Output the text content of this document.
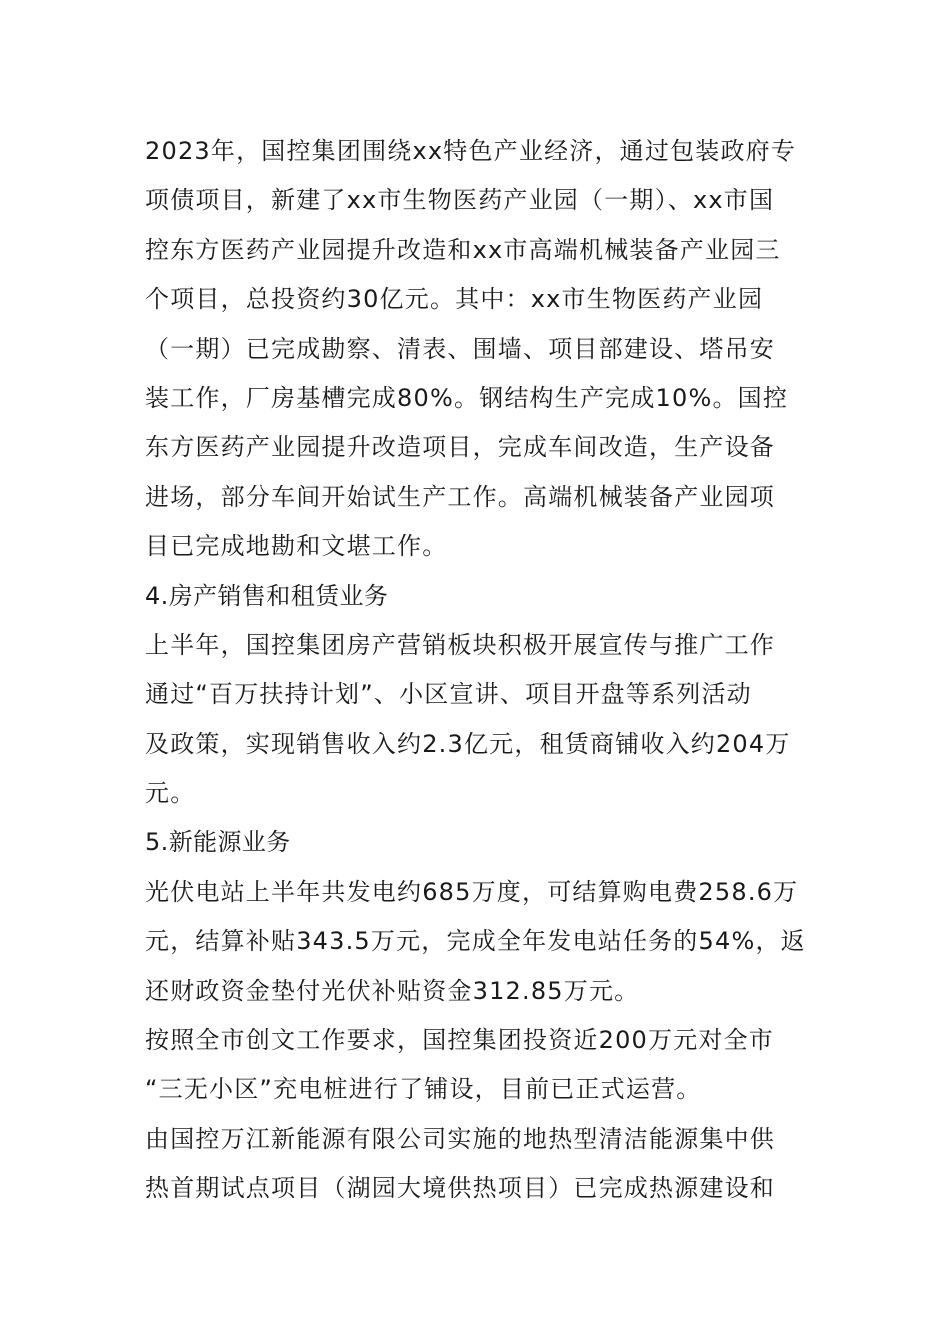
2023年，国控集团围绕xx特色产业经济，通过包装政府专
项债项目，新建了xx市生物医药产业园（一期）、xx市国
控东方医药产业园提升改造和xx市高端机械装备产业园三
个项目，总投资约30亿元。其中：xx市生物医药产业园
（一期）已完成勘察、清表、围墙、项目部建设、塔吊安
装工作，厂房基槽完成80%。钢结构生产完成10%。国控
东方医药产业园提升改造项目，完成车间改造，生产设备
进场，部分车间开始试生产工作。高端机械装备产业园项
目已完成地勘和文堪工作。
4.房产销售和租赁业务
上半年，国控集团房产营销板块积极开展宣传与推广工作
通过“百万扶持计划”、小区宣讲、项目开盘等系列活动
及政策，实现销售收入约2.3亿元，租赁商铺收入约204万
元。
5.新能源业务
光伏电站上半年共发电约685万度，可结算购电费258.6万
元，结算补贴343.5万元，完成全年发电站任务的54%，返
还财政资金垫付光伏补贴资金312.85万元。
按照全市创文工作要求，国控集团投资近200万元对全市
“三无小区”充电桩进行了铺设，目前已正式运营。
由国控万江新能源有限公司实施的地热型清洁能源集中供
热首期试点项目（湖园大境供热项目）已完成热源建设和
